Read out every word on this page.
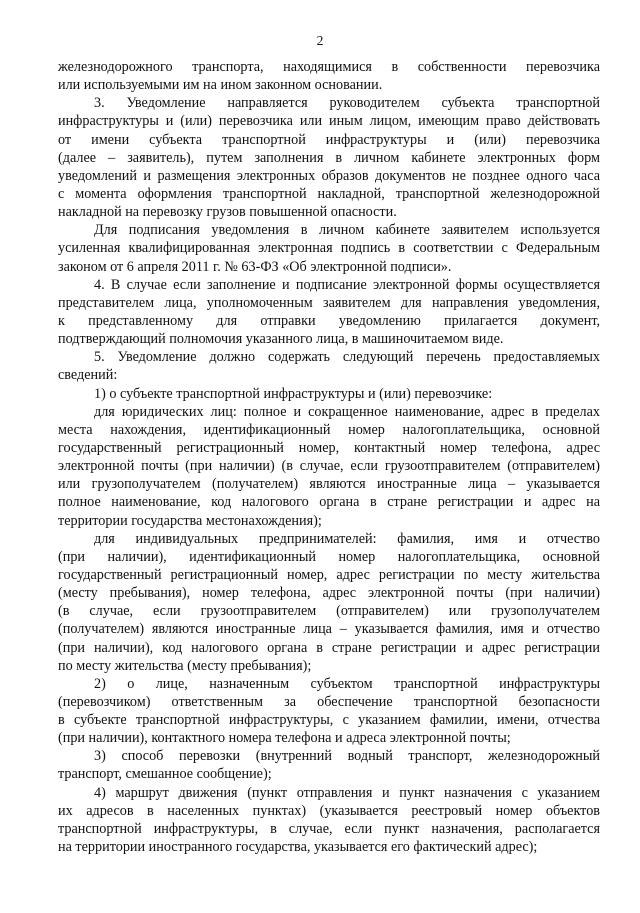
2
железнодорожного транспорта, находящимися в собственности перевозчика
или используемыми им на ином законном основании.
3. Уведомление направляется руководителем субъекта транспортной
инфраструктуры и (или) перевозчика или иным лицом, имеющим право действовать
от имени субъекта транспортной инфраструктуры и (или) перевозчика
(далее – заявитель), путем заполнения в личном кабинете электронных форм
уведомлений и размещения электронных образов документов не позднее одного часа
с момента оформления транспортной накладной, транспортной железнодорожной
накладной на перевозку грузов повышенной опасности.
Для подписания уведомления в личном кабинете заявителем используется
усиленная квалифицированная электронная подпись в соответствии с Федеральным
законом от 6 апреля 2011 г. № 63-ФЗ «Об электронной подписи».
4. В случае если заполнение и подписание электронной формы осуществляется
представителем лица, уполномоченным заявителем для направления уведомления,
к представленному для отправки уведомлению прилагается документ,
подтверждающий полномочия указанного лица, в машиночитаемом виде.
5. Уведомление должно содержать следующий перечень предоставляемых
сведений:
1) о субъекте транспортной инфраструктуры и (или) перевозчике:
для юридических лиц: полное и сокращенное наименование, адрес в пределах
места нахождения, идентификационный номер налогоплательщика, основной
государственный регистрационный номер, контактный номер телефона, адрес
электронной почты (при наличии) (в случае, если грузоотправителем (отправителем)
или грузополучателем (получателем) являются иностранные лица – указывается
полное наименование, код налогового органа в стране регистрации и адрес на
территории государства местонахождения);
для индивидуальных предпринимателей: фамилия, имя и отчество
(при наличии), идентификационный номер налогоплательщика, основной
государственный регистрационный номер, адрес регистрации по месту жительства
(месту пребывания), номер телефона, адрес электронной почты (при наличии)
(в случае, если грузоотправителем (отправителем) или грузополучателем
(получателем) являются иностранные лица – указывается фамилия, имя и отчество
(при наличии), код налогового органа в стране регистрации и адрес регистрации
по месту жительства (месту пребывания);
2) о лице, назначенным субъектом транспортной инфраструктуры
(перевозчиком) ответственным за обеспечение транспортной безопасности
в субъекте транспортной инфраструктуры, с указанием фамилии, имени, отчества
(при наличии), контактного номера телефона и адреса электронной почты;
3) способ перевозки (внутренний водный транспорт, железнодорожный
транспорт, смешанное сообщение);
4) маршрут движения (пункт отправления и пункт назначения с указанием
их адресов в населенных пунктах) (указывается реестровый номер объектов
транспортной инфраструктуры, в случае, если пункт назначения, располагается
на территории иностранного государства, указывается его фактический адрес);
